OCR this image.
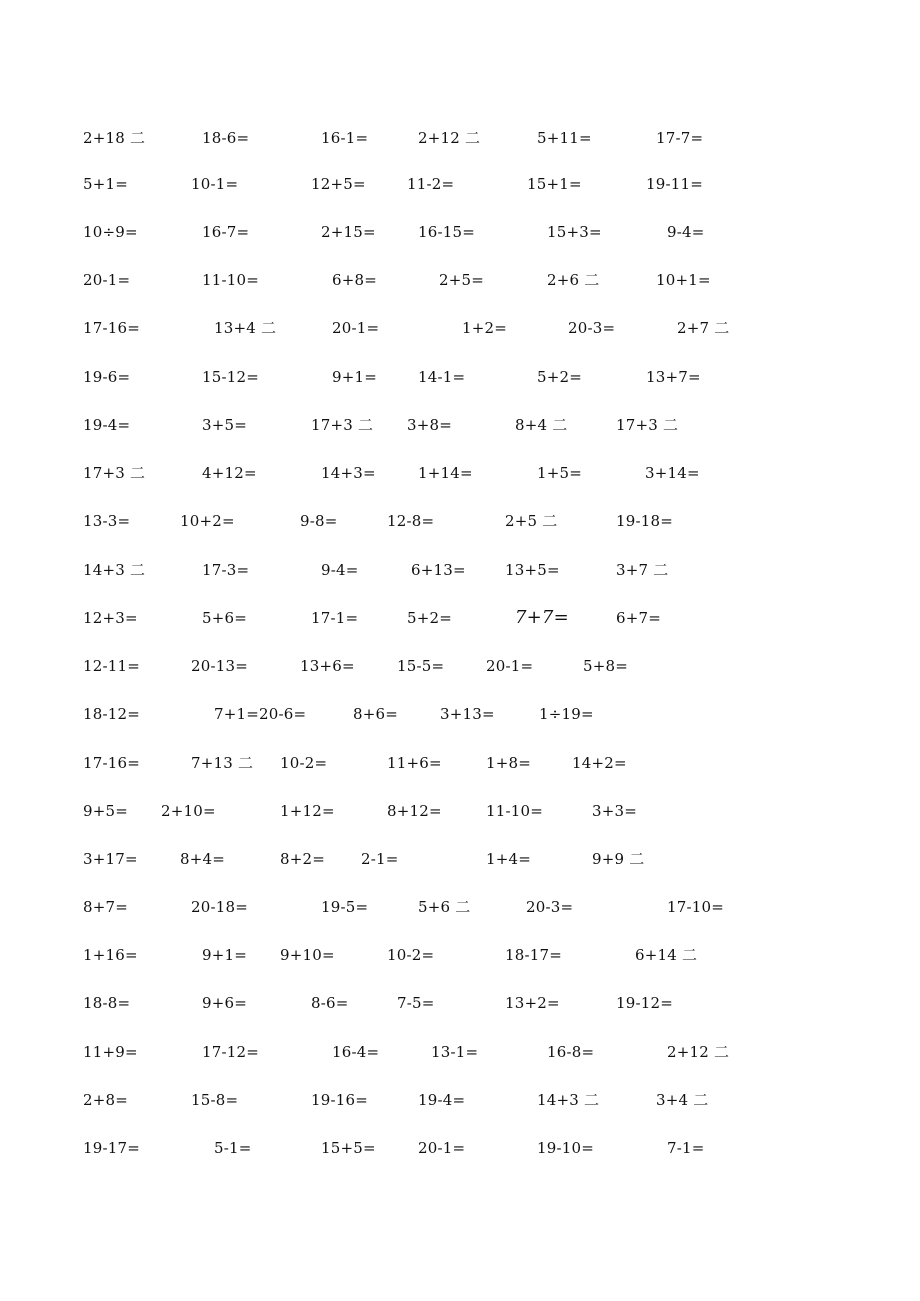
2+18 二	18-6=	16-1=	2+12 二	5+11=	17-7=
5+1=	10-1=	12+5=	11-2=	15+1=	19-11=
10÷9=	16-7=	2+15=	16-15=	15+3=	9-4=
20-1=	11-10=	6+8=	2+5=	2+6 二	10+1=
17-16=	13+4 二	20-1=	1+2=	20-3=	2+7 二
19-6=	15-12=	9+1=	14-1=	5+2=	13+7=
19-4=	3+5=	17+3 二 3+8=	8+4 二	17+3 二
17+3 二	4+12=	14+3=	1+14=	1+5=	3+14=
13-3=	10+2=	9-8=	12-8=	2+5 二	19-18=
14+3 二	17-3=	9-4=	6+13=	13+5=	3+7 二
12+3=	5+6=	17-1=	5+2=	7+7=	6+7=
12-11=	20-13=	13+6=	15-5=	20-1=	5+8=
18-12=	7+1=20-6=	8+6=	3+13=	1÷19=
17-16=	7+13 二 10-2=	11+6=	1+8=	14+2=
9+5= 2+10=	1+12=	8+12=	11-10=	3+3=
3+17=	8+4=	8+2= 2-1=	1+4=	9+9 二
8+7=	20-18=	19-5=	5+6 二	20-3=	17-10=
1+16=	9+1= 9+10=	10-2=	18-17=	6+14 二
18-8=	9+6=	8-6=	7-5=	13+2=	19-12=
11+9=	17-12=	16-4=	13-1=	16-8=	2+12 二
2+8=	15-8=	19-16=	19-4=	14+3 二	3+4 二
19-17=	5-1=	15+5=	20-1=	19-10=	7-1=
